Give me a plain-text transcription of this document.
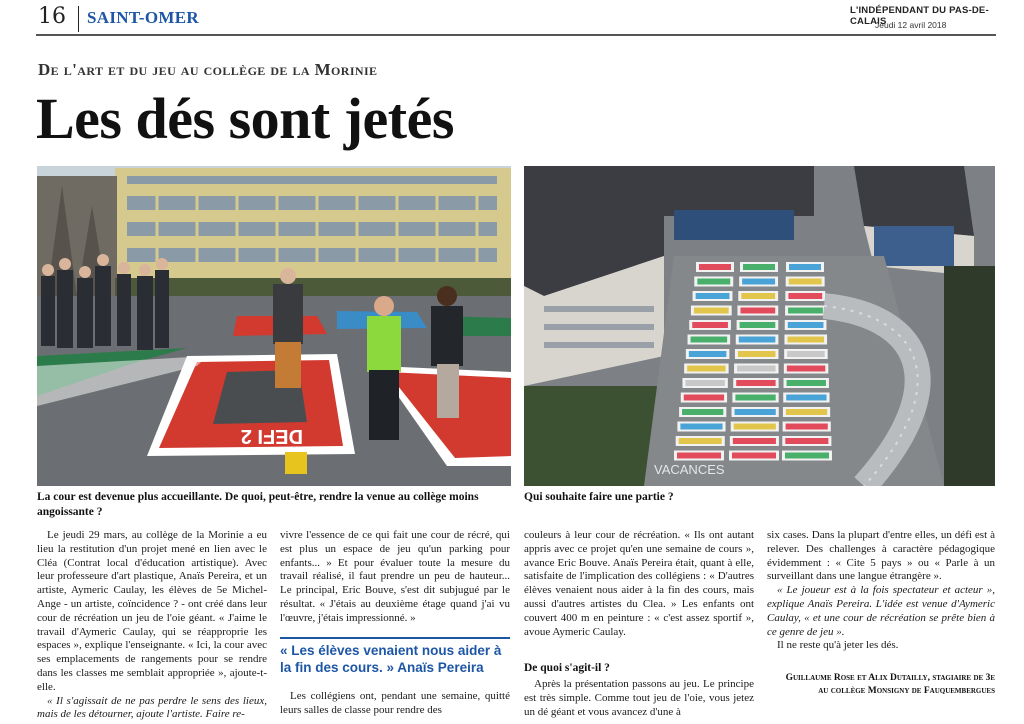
16 SAINT-OMER	L'INDÉPENDANT DU PAS-DE-CALAIS
Jeudi 12 avril 2018
De l'art et du jeu au collège de la Morinie
Les dés sont jetés
DEFI 2
La cour est devenue plus accueillante. De quoi, peut-être, rendre la venue au collège moins angoissante ?
VACANCES
Qui souhaite faire une partie ?

Le jeudi 29 mars, au collège de la Morinie a eu lieu la restitution d'un projet mené en lien avec le Cléa (Contrat local d'éducation artistique). Avec leur professeure d'art plastique, Anaïs Pereira, et un artiste, Aymeric Caulay, les élèves de 5e Michel-Ange - un artiste, coïncidence ? - ont créé dans leur cour de récréation un jeu de l'oie géant. « J'aime le travail d'Aymeric Caulay, qui se réapproprie les espaces », explique l'enseignante. « Ici, la cour avec ses emplacements de rangements pour se rendre dans les classes me semblait appropriée », ajoute-t-elle.

« Il s'agissait de ne pas perdre le sens des lieux, mais de les détourner, ajoute l'artiste. Faire re-

vivre l'essence de ce qui fait une cour de récré, qui est plus un espace de jeu qu'un parking pour enfants... » Et pour évaluer toute la mesure du travail réalisé, il faut prendre un peu de hauteur... Le principal, Eric Bouve, s'est dit subjugué par le résultat. « J'étais au deuxième étage quand j'ai vu l'œuvre, j'étais impressionné. »

« Les élèves venaient nous aider à la fin des cours. » Anaïs Pereira

Les collégiens ont, pendant une semaine, quitté leurs salles de classe pour rendre des

couleurs à leur cour de récréation. « Ils ont autant appris avec ce projet qu'en une semaine de cours », avance Eric Bouve. Anaïs Pereira était, quant à elle, satisfaite de l'implication des collégiens : « D'autres élèves venaient nous aider à la fin des cours, mais aussi d'autres artistes du Clea. » Les enfants ont couvert 400 m en peinture : « c'est assez sportif », avoue Aymeric Caulay.

De quoi s'agit-il ?

Après la présentation passons au jeu. Le principe est très simple. Comme tout jeu de l'oie, vous jetez un dé géant et vous avancez d'une à

six cases. Dans la plupart d'entre elles, un défi est à relever. Des challenges à caractère pédagogique évidemment : « Cite 5 pays » ou « Parle à un surveillant dans une langue étrangère ».

« Le joueur est à la fois spectateur et acteur », explique Anaïs Pereira. L'idée est venue d'Aymeric Caulay, « et une cour de récréation se prête bien à ce genre de jeu ».

Il ne reste qu'à jeter les dés.

Guillaume Rose et Alix Dutailly, stagiaire de 3e
au collège Monsigny de Fauquembergues
